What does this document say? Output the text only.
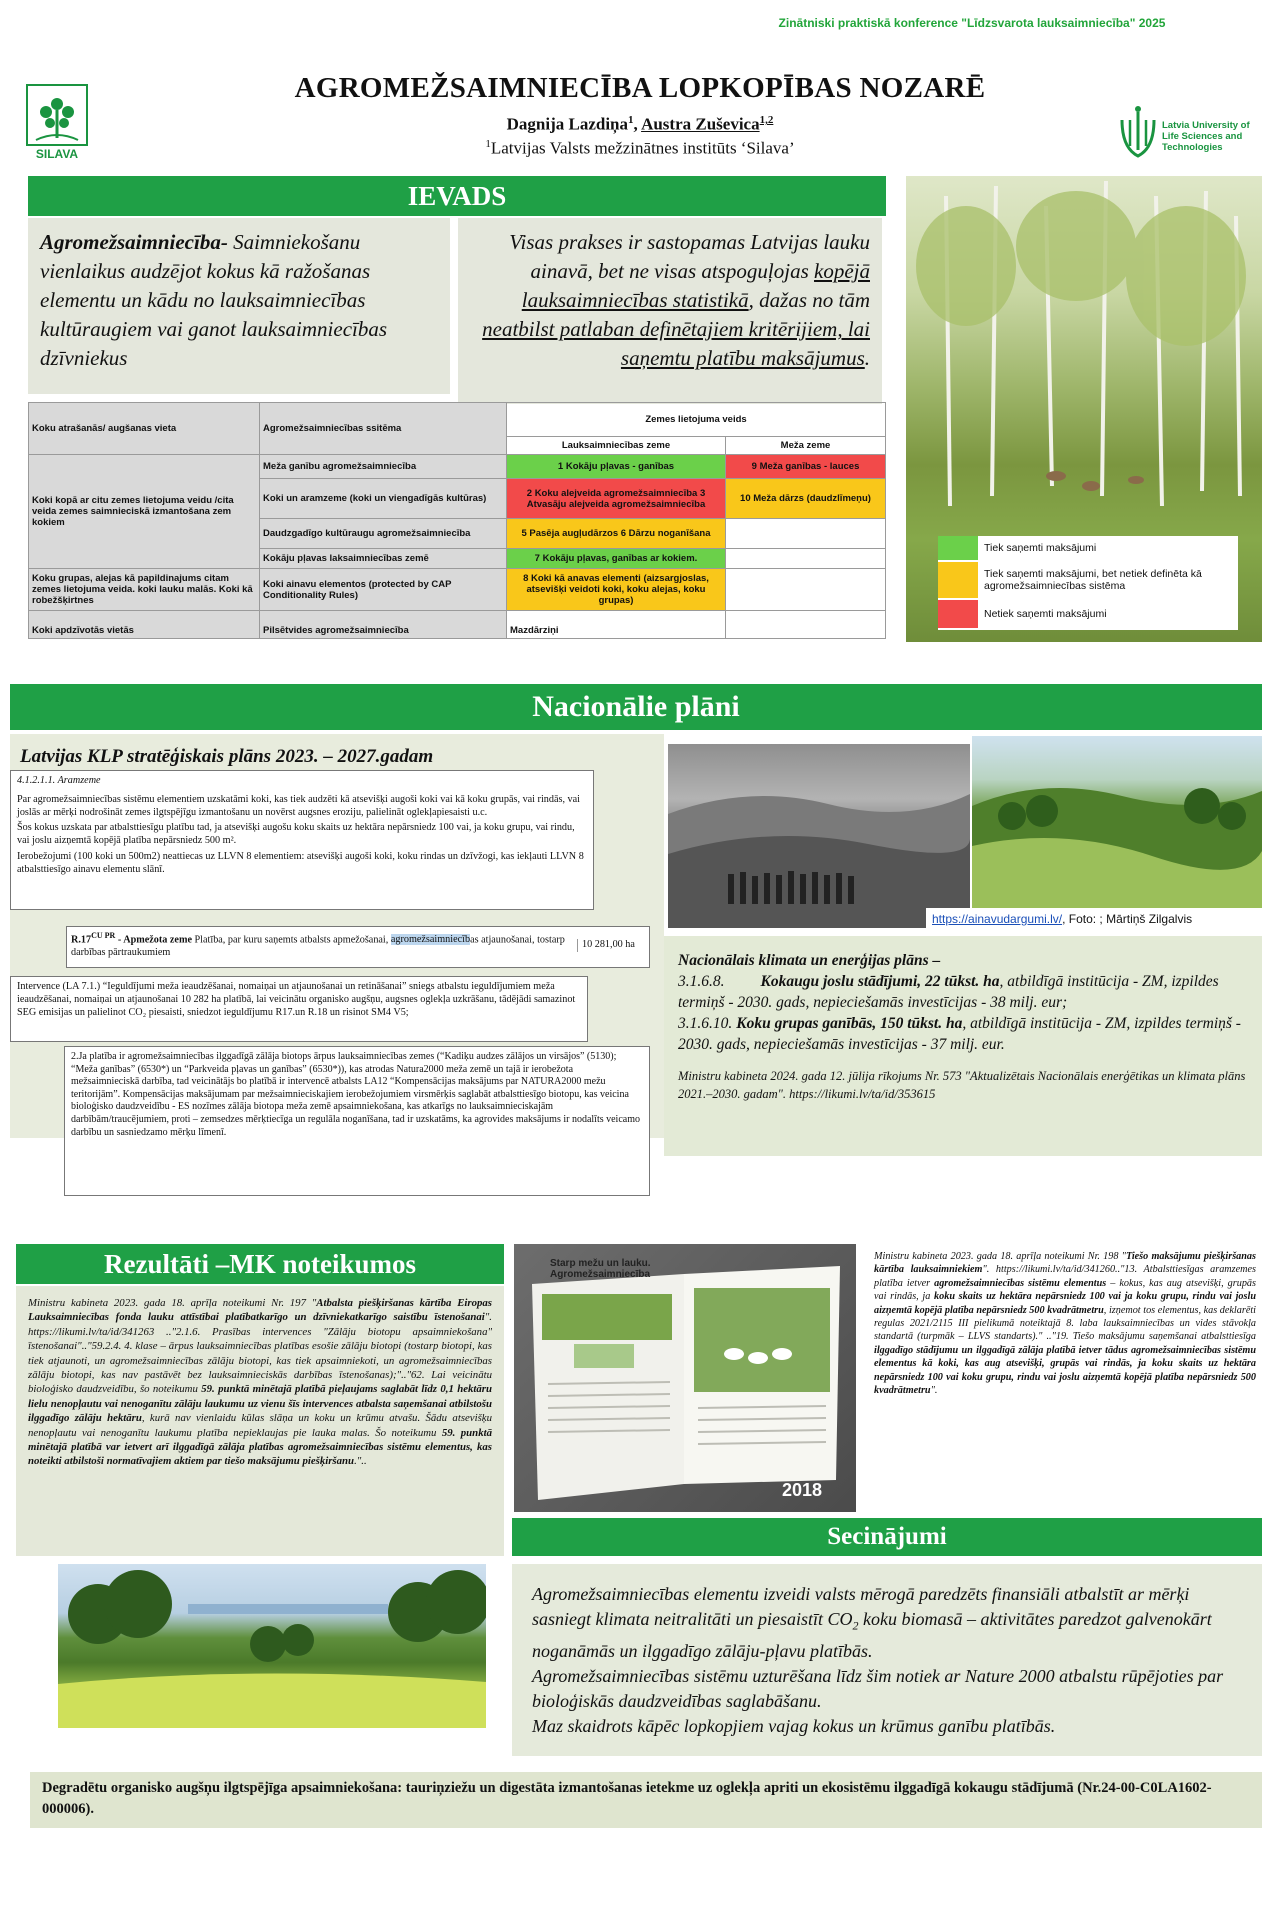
Zinātniski praktiskā konference "Līdzsvarota lauksaimniecība" 2025
SILAVA
Latvia University of Life Sciences and Technologies
AGROMEŽSAIMNIECĪBA LOPKOPĪBAS NOZARĒ
Dagnija Lazdiņa$^1$, Austra Zuševica$^{1,2}$
$^1$Latvijas Valsts mežzinātnes institūts ‘Silava’
IEVADS
Agromežsaimniecība- Saimniekošanu vienlaikus audzējot kokus kā ražošanas elementu un kādu no lauksaimniecības kultūraugiem vai ganot lauksaimniecības dzīvniekus
Visas prakses ir sastopamas Latvijas lauku ainavā, bet ne visas atspoguļojas kopējā lauksaimniecības statistikā, dažas no tām neatbilst patlaban definētajiem kritērijiem, lai saņemtu platību maksājumus.
Koku atrašanās/ augšanas vieta	Agromežsaimniecības ssitēma	Zemes lietojuma veids	
		Lauksaimniecības zeme	Meža zeme
Koki kopā ar citu zemes lietojuma veidu /cita veida zemes saimnieciskā izmantošana zem kokiem	Meža ganību agromežsaimniecība	1 Kokāju pļavas - ganības	9 Meža ganības - lauces
	Koki un aramzeme (koki un viengadīgās kultūras)	2 Koku alejveida agromežsaimniecība 3 Atvasāju alejveida agromežsaimniecība	10 Meža dārzs (daudzlīmeņu)
	Daudzgadīgo kultūraugu agromežsaimniecība	5 Pasēja augļudārzos 6 Dārzu noganīšana	
	Kokāju pļavas laksaimniecības zemē	7 Kokāju pļavas, ganības ar kokiem.	
Koku grupas, alejas kā papildinajums citam zemes lietojuma veida. koki lauku malās. Koki kā robežšķirtnes	Koki ainavu elementos (protected by CAP Conditionality Rules)	8 Koki kā anavas elementi (aizsargjoslas, atsevišķi veidoti koki, koku alejas, koku grupas)	
Koki apdzīvotās vietās	Pilsētvides agromežsaimniecība	Mazdārziņi	
Tiek saņemti maksājumi
Tiek saņemti maksājumi, bet netiek definēta kā agromežsaimniecības sistēma
Netiek saņemti maksājumi
Nacionālie plāni
Latvijas KLP stratēģiskais plāns 2023. – 2027.gadam
4.1.2.1.1. Aramzeme
Par agromežsaimniecības sistēmu elementiem uzskatāmi koki, kas tiek audzēti kā atsevišķi augoši koki vai kā koku grupās, vai rindās, vai joslās ar mērķi nodrošināt zemes ilgtspējīgu izmantošanu un novērst augsnes eroziju, palielināt oglekļapiesaisti u.c.
Šos kokus uzskata par atbalsttiesīgu platību tad, ja atsevišķi augošu koku skaits uz hektāra nepārsniedz 100 vai, ja koku grupu, vai rindu, vai joslu aizņemtā kopējā platība nepārsniedz 500 m².
Ierobežojumi (100 koki un 500m2) neattiecas uz LLVN 8 elementiem: atsevišķi augoši koki, koku rindas un dzīvžogi, kas iekļauti LLVN 8 atbalsttiesīgo ainavu elementu slānī.
$R.17^{CU PR}$ - Apmežota zeme Platība, par kuru saņemts atbalsts apmežošanai, agromežsaimniecības atjaunošanai, tostarp darbības pārtraukumiem
10 281,00 ha
Intervence (LA 7.1.) “Ieguldījumi meža ieaudzēšanai, nomaiņai un atjaunošanai un retināšanai” sniegs atbalstu ieguldījumiem meža ieaudzēšanai, nomaiņai un atjaunošanai 10 282 ha platībā, lai veicinātu organisko augšņu, augsnes oglekļa uzkrāšanu, tādējādi samazinot SEG emisijas un palielinot CO₂ piesaisti, sniedzot ieguldījumu R17.un R.18 un risinot SM4 V5;
2.Ja platība ir agromežsaimniecības ilggadīgā zālāja biotops ārpus lauksaimniecības zemes (“Kadiķu audzes zālājos un virsājos” (5130); “Meža ganības” (6530*) un “Parkveida pļavas un ganības” (6530*)), kas atrodas Natura2000 meža zemē un tajā ir ierobežota mežsaimnieciskā darbība, tad veicinātājs bo platībā ir intervencē atbalsts LA12 “Kompensācijas maksājums par NATURA2000 mežu teritorijām”. Kompensācijas maksājumam par mežsaimnieciskajiem ierobežojumiem virsmērķis saglabāt atbalsttiesīgo biotopu, kas veicina bioloģisko daudzveidību - ES nozīmes zālāja biotopa meža zemē apsaimniekošana, kas atkarīgs no lauksaimnieciskajām darbībām/traucējumiem, proti – zemsedzes mērķtiecīga un regulāla noganīšana, tad ir uzskatāms, ka agrovides maksājums ir nodalīts veicamo darbību un sasniedzamo mērķu līmenī.
https://ainavudargumi.lv/, Foto: ; Mārtiņš Zilgalvis
Nacionālais klimata un enerģijas plāns –
3.1.6.8. Kokaugu joslu stādījumi, 22 tūkst. ha, atbildīgā institūcija - ZM, izpildes termiņš - 2030. gads, nepieciešamās investīcijas - 38 milj. eur;
3.1.6.10. Koku grupas ganībās, 150 tūkst. ha, atbildīgā institūcija - ZM, izpildes termiņš - 2030. gads, nepieciešamās investīcijas - 37 milj. eur.
Ministru kabineta 2024. gada 12. jūlija rīkojums Nr. 573 "Aktualizētais Nacionālais enerģētikas un klimata plāns 2021.–2030. gadam". https://likumi.lv/ta/id/353615
Rezultāti –MK noteikumos
Ministru kabineta 2023. gada 18. aprīļa noteikumi Nr. 197 "Atbalsta piešķiršanas kārtība Eiropas Lauksaimniecības fonda lauku attīstībai platībatkarīgo un dzīvniekatkarīgo saistību īstenošanai". https://likumi.lv/ta/id/341263 .."2.1.6. Prasības intervences "Zālāju biotopu apsaimniekošana" īstenošanai".."59.2.4. 4. klase – ārpus lauksaimniecības platības esošie zālāju biotopi (tostarp biotopi, kas tiek atjaunoti, un agromežsaimniecības zālāju biotopi, kas tiek apsaimniekoti, un agromežsaimniecības zālāju biotopi, kas nav pastāvēt bez lauksaimnieciskās darbības īstenošanas);".."62. Lai veicinātu bioloģisko daudzveidību, šo noteikumu 59. punktā minētajā platībā pieļaujams saglabāt līdz 0,1 hektāru lielu nenopļautu vai nenoganītu zālāju laukumu uz vienu šīs intervences atbalsta saņemšanai atbilstošu ilggadīgo zālāju hektāru, kurā nav vienlaidu kūlas slāņa un koku un krūmu atvašu. Šādu atsevišķu nenopļautu vai nenoganītu laukumu platība nepieklaujas pie lauka malas. Šo noteikumu 59. punktā minētajā platībā var ietvert arī ilggadīgā zālāja platības agromežsaimniecības sistēmu elementus, kas noteikti atbilstoši normatīvajiem aktiem par tiešo maksājumu piešķiršanu."..
Starp mežu un lauku. Agromežsaimniecība
2018
Ministru kabineta 2023. gada 18. aprīļa noteikumi Nr. 198 "Tiešo maksājumu piešķiršanas kārtība lauksaimniekiem". https://likumi.lv/ta/id/341260.."13. Atbalsttiesīgas aramzemes platība ietver agromežsaimniecības sistēmu elementus – kokus, kas aug atsevišķi, grupās vai rindās, ja koku skaits uz hektāra nepārsniedz 100 vai ja koku grupu, rindu vai joslu aizņemtā kopējā platība nepārsniedz 500 kvadrātmetru, izņemot tos elementus, kas deklarēti regulas 2021/2115 III pielikumā noteiktajā 8. laba lauksaimniecības un vides stāvokļa standartā (turpmāk – LLVS standarts)." .."19. Tiešo maksājumu saņemšanai atbalsttiesīga ilggadīgo stādījumu un ilggadīgā zālāja platībā ietver tādus agromežsaimniecības sistēmu elementus kā koki, kas aug atsevišķi, grupās vai rindās, ja koku skaits uz hektāra nepārsniedz 100 vai koku grupu, rindu vai joslu aizņemtā kopējā platība nepārsniedz 500 kvadrātmetru".
Secinājumi
Agromežsaimniecības elementu izveidi valsts mērogā paredzēts finansiāli atbalstīt ar mērķi sasniegt klimata neitralitāti un piesaistīt $CO_2$ koku biomasā – aktivitātes paredzot galvenokārt noganāmās un ilggadīgo zālāju-pļavu platībās.
Agromežsaimniecības sistēmu uzturēšana līdz šim notiek ar Nature 2000 atbalstu rūpējoties par bioloģiskās daudzveidības saglabāšanu.
Maz skaidrots kāpēc lopkopjiem vajag kokus un krūmus ganību platībās.
Degradētu organisko augšņu ilgtspējīga apsaimniekošana: tauriņziežu un digestāta izmantošanas ietekme uz oglekļa apriti un ekosistēmu ilggadīgā kokaugu stādījumā (Nr.24-00-C0LA1602-000006).
